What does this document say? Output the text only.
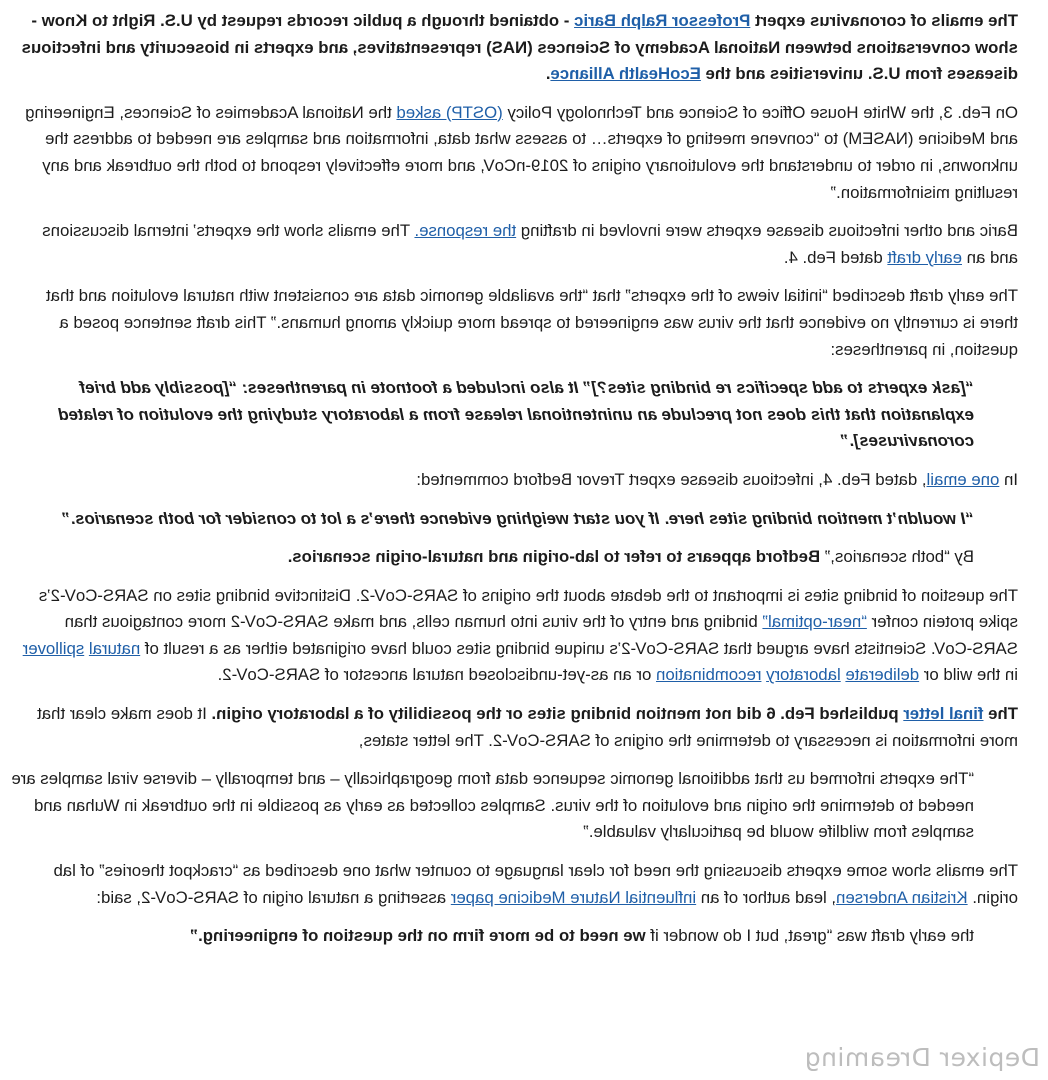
The emails of coronavirus expert Professor Ralph Baric - obtained through a public records request by U.S. Right to Know - show conversations between National Academy of Sciences (NAS) representatives, and experts in biosecurity and infectious diseases from U.S. universities and the EcoHealth Alliance.

On Feb. 3, the White House Office of Science and Technology Policy (OSTP) asked the National Academies of Sciences, Engineering and Medicine (NASEM) to “convene meeting of experts… to assess what data, information and samples are needed to address the unknowns, in order to understand the evolutionary origins of 2019-nCoV, and more effectively respond to both the outbreak and any resulting misinformation.”

Baric and other infectious disease experts were involved in drafting the response. The emails show the experts’ internal discussions and an early draft dated Feb. 4.

The early draft described “initial views of the experts” that “the available genomic data are consistent with natural evolution and that there is currently no evidence that the virus was engineered to spread more quickly among humans.” This draft sentence posed a question, in parentheses:

“[ask experts to add specifics re binding sites?]” It also included a footnote in parentheses: “[possibly add brief explanation that this does not preclude an unintentional release from a laboratory studying the evolution of related coronaviruses].”

In one email, dated Feb. 4, infectious disease expert Trevor Bedford commented:

“I wouldn’t mention binding sites here. If you start weighing evidence there’s a lot to consider for both scenarios.”
By “both scenarios,” Bedford appears to refer to lab-origin and natural-origin scenarios.

The question of binding sites is important to the debate about the origins of SARS-CoV-2. Distinctive binding sites on SARS-CoV-2’s spike protein confer “near-optimal” binding and entry of the virus into human cells, and make SARS-CoV-2 more contagious than SARS-CoV. Scientists have argued that SARS-CoV-2’s unique binding sites could have originated either as a result of natural spillover in the wild or deliberate laboratory recombination or an as-yet-undisclosed natural ancestor of SARS-CoV-2.

The final letter published Feb. 6 did not mention binding sites or the possibility of a laboratory origin. It does make clear that more information is necessary to determine the origins of SARS-CoV-2. The letter states,

“The experts informed us that additional genomic sequence data from geographically – and temporally – diverse viral samples are needed to determine the origin and evolution of the virus. Samples collected as early as possible in the outbreak in Wuhan and samples from wildlife would be particularly valuable.”

The emails show some experts discussing the need for clear language to counter what one described as “crackpot theories” of lab origin. Kristian Andersen, lead author of an influential Nature Medicine paper asserting a natural origin of SARS-CoV-2, said:

the early draft was “great, but I do wonder if we need to be more firm on the question of engineering.”
Depixer Dreaming
